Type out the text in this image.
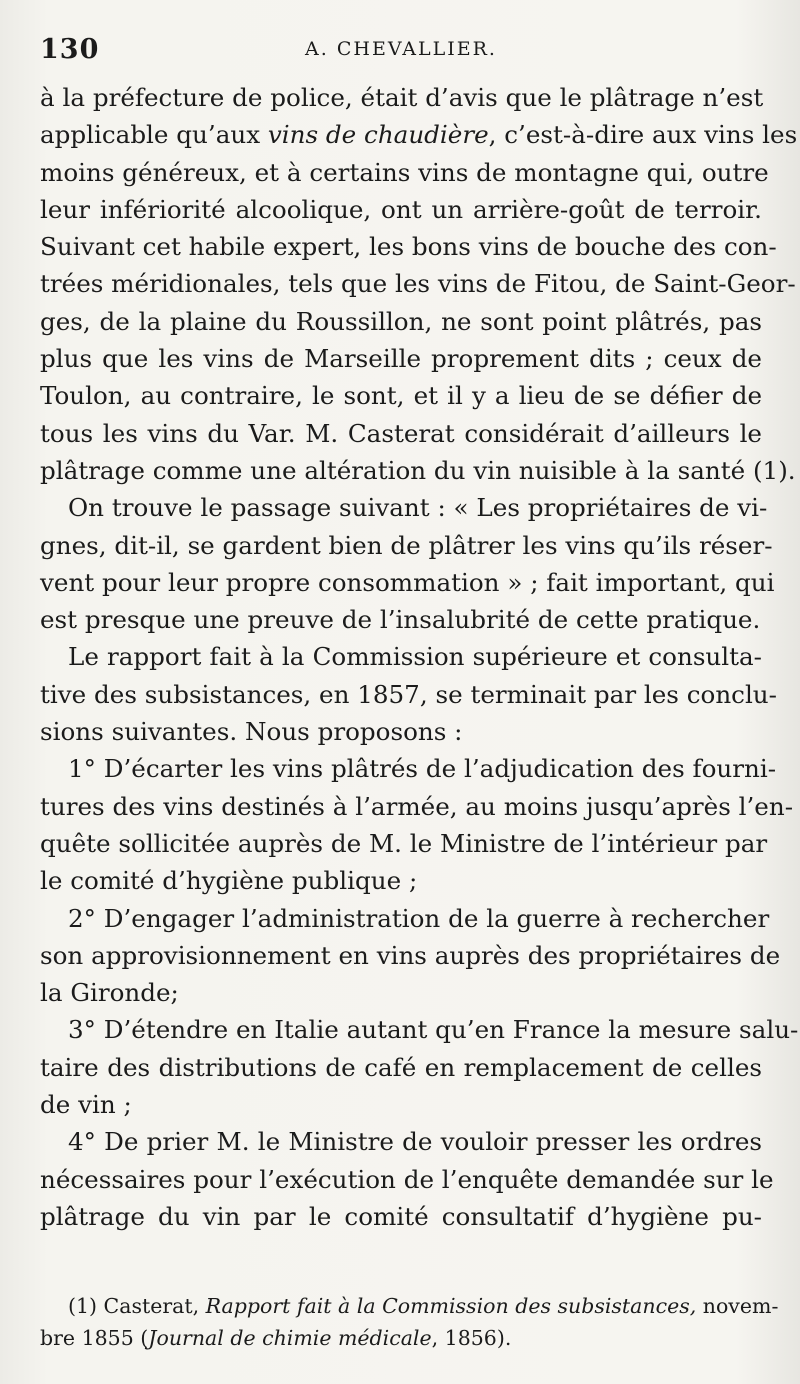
130	A. CHEVALLIER.
à la préfecture de police, était d’avis que le plâtrage n’est
applicable qu’aux vins de chaudière, c’est-à-dire aux vins les
moins généreux, et à certains vins de montagne qui, outre
leur infériorité alcoolique, ont un arrière-goût de terroir.
Suivant cet habile expert, les bons vins de bouche des con-
trées méridionales, tels que les vins de Fitou, de Saint-Geor-
ges, de la plaine du Roussillon, ne sont point plâtrés, pas
plus que les vins de Marseille proprement dits ; ceux de
Toulon, au contraire, le sont, et il y a lieu de se défier de
tous les vins du Var. M. Casterat considérait d’ailleurs le
plâtrage comme une altération du vin nuisible à la santé (1).
On trouve le passage suivant : « Les propriétaires de vi-
gnes, dit-il, se gardent bien de plâtrer les vins qu’ils réser-
vent pour leur propre consommation » ; fait important, qui
est presque une preuve de l’insalubrité de cette pratique.
Le rapport fait à la Commission supérieure et consulta-
tive des subsistances, en 1857, se terminait par les conclu-
sions suivantes. Nous proposons :
1° D’écarter les vins plâtrés de l’adjudication des fourni-
tures des vins destinés à l’armée, au moins jusqu’après l’en-
quête sollicitée auprès de M. le Ministre de l’intérieur par
le comité d’hygiène publique ;
2° D’engager l’administration de la guerre à rechercher
son approvisionnement en vins auprès des propriétaires de
la Gironde;
3° D’étendre en Italie autant qu’en France la mesure salu-
taire des distributions de café en remplacement de celles
de vin ;
4° De prier M. le Ministre de vouloir presser les ordres
nécessaires pour l’exécution de l’enquête demandée sur le
plâtrage du vin par le comité consultatif d’hygiène pu-
(1) Casterat, Rapport fait à la Commission des subsistances, novem-
bre 1855 (Journal de chimie médicale, 1856).
